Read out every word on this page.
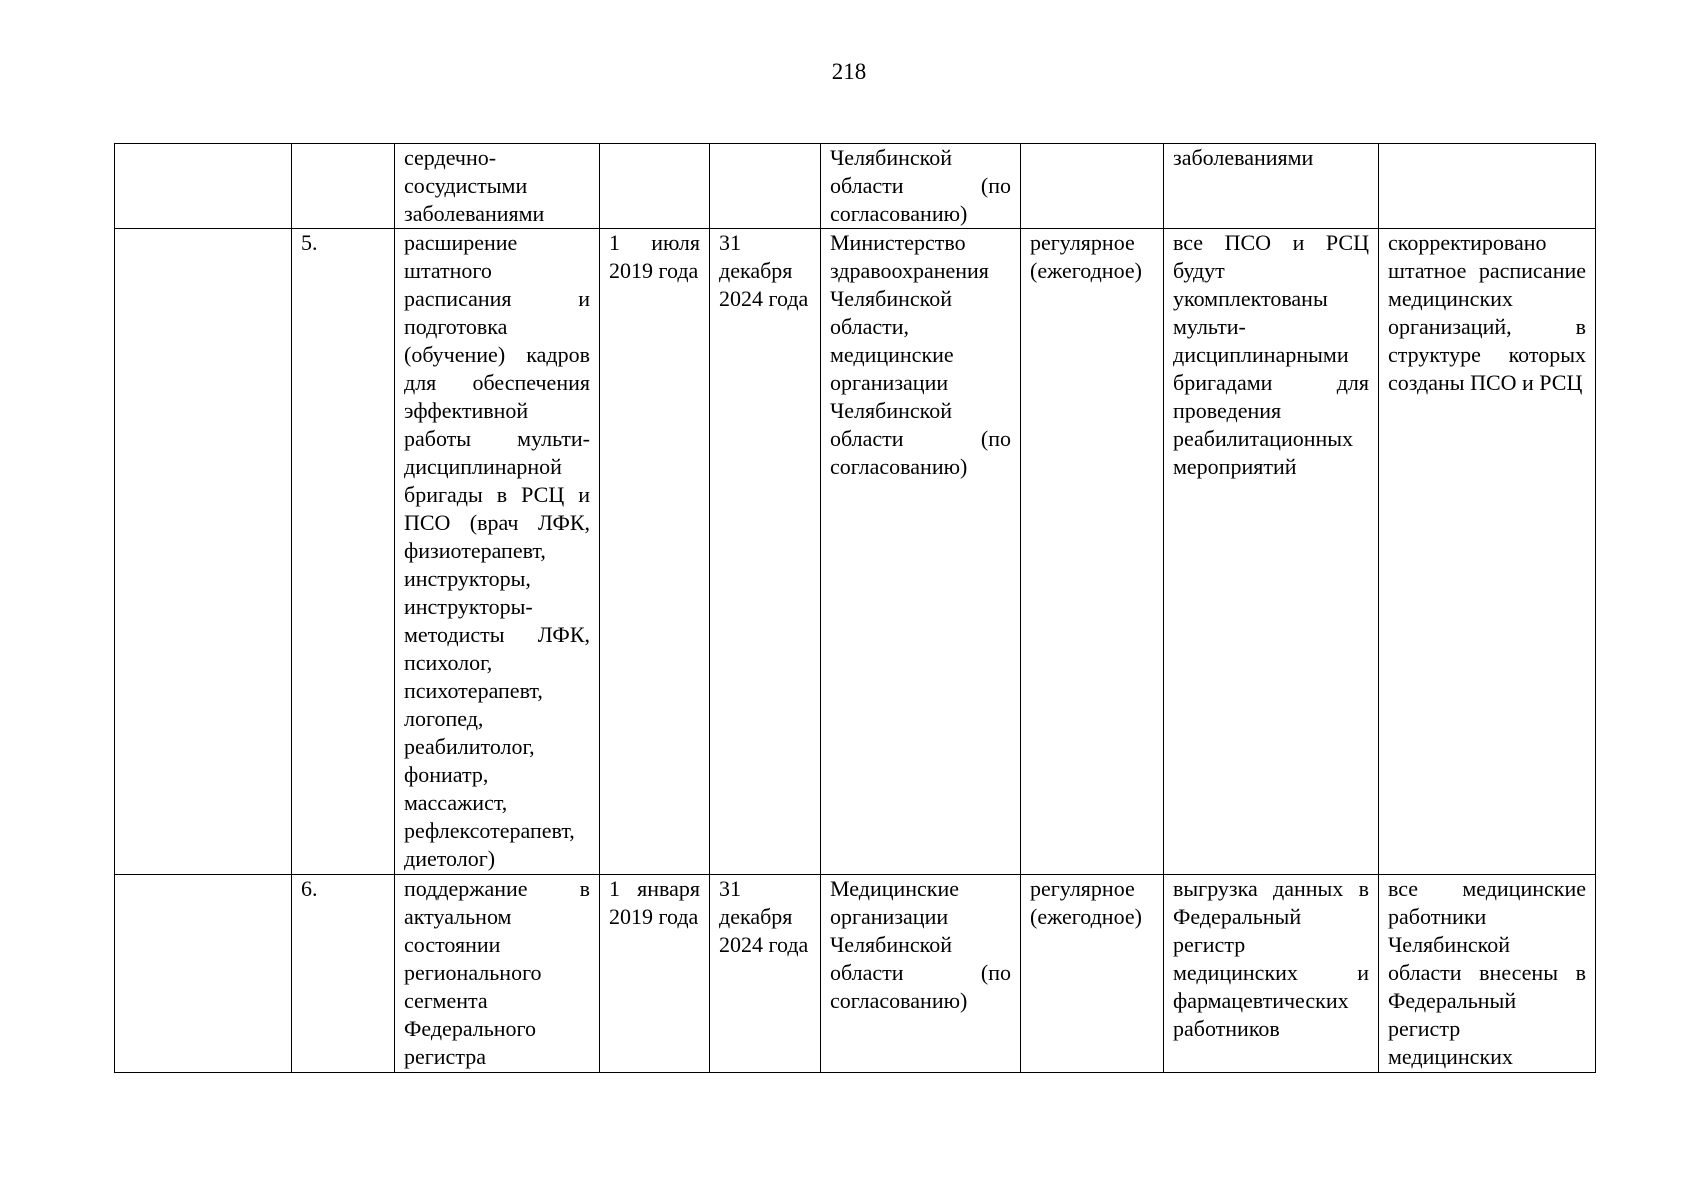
218

		сердечно-
сосудистыми
заболеваниями			Челябинской области (по согласованию)		заболеваниями	

	5.	расширение штатного расписания и подготовка (обучение) кадров для обеспечения эффективной работы мульти-дисциплинарной бригады в РСЦ и ПСО (врач ЛФК, физиотерапевт, инструкторы, инструкторы-методисты ЛФК, психолог, психотерапевт, логопед, реабилитолог, фониатр, массажист, рефлексотерапевт, диетолог)	1 июля 2019 года	31 декабря 2024 года	Министерство здравоохранения Челябинской области, медицинские организации Челябинской области (по согласованию)	регулярное (ежегодное)	все ПСО и РСЦ будут укомплектованы мульти-дисциплинарными бригадами для проведения реабилитационных мероприятий	скорректировано штатное расписание медицинских организаций, в структуре которых созданы ПСО и РСЦ

	6.	поддержание в актуальном состоянии регионального сегмента Федерального регистра	1 января 2019 года	31 декабря 2024 года	Медицинские организации Челябинской области (по согласованию)	регулярное (ежегодное)	выгрузка данных в Федеральный регистр медицинских и фармацевтических работников	все медицинские работники Челябинской области внесены в Федеральный регистр медицинских
